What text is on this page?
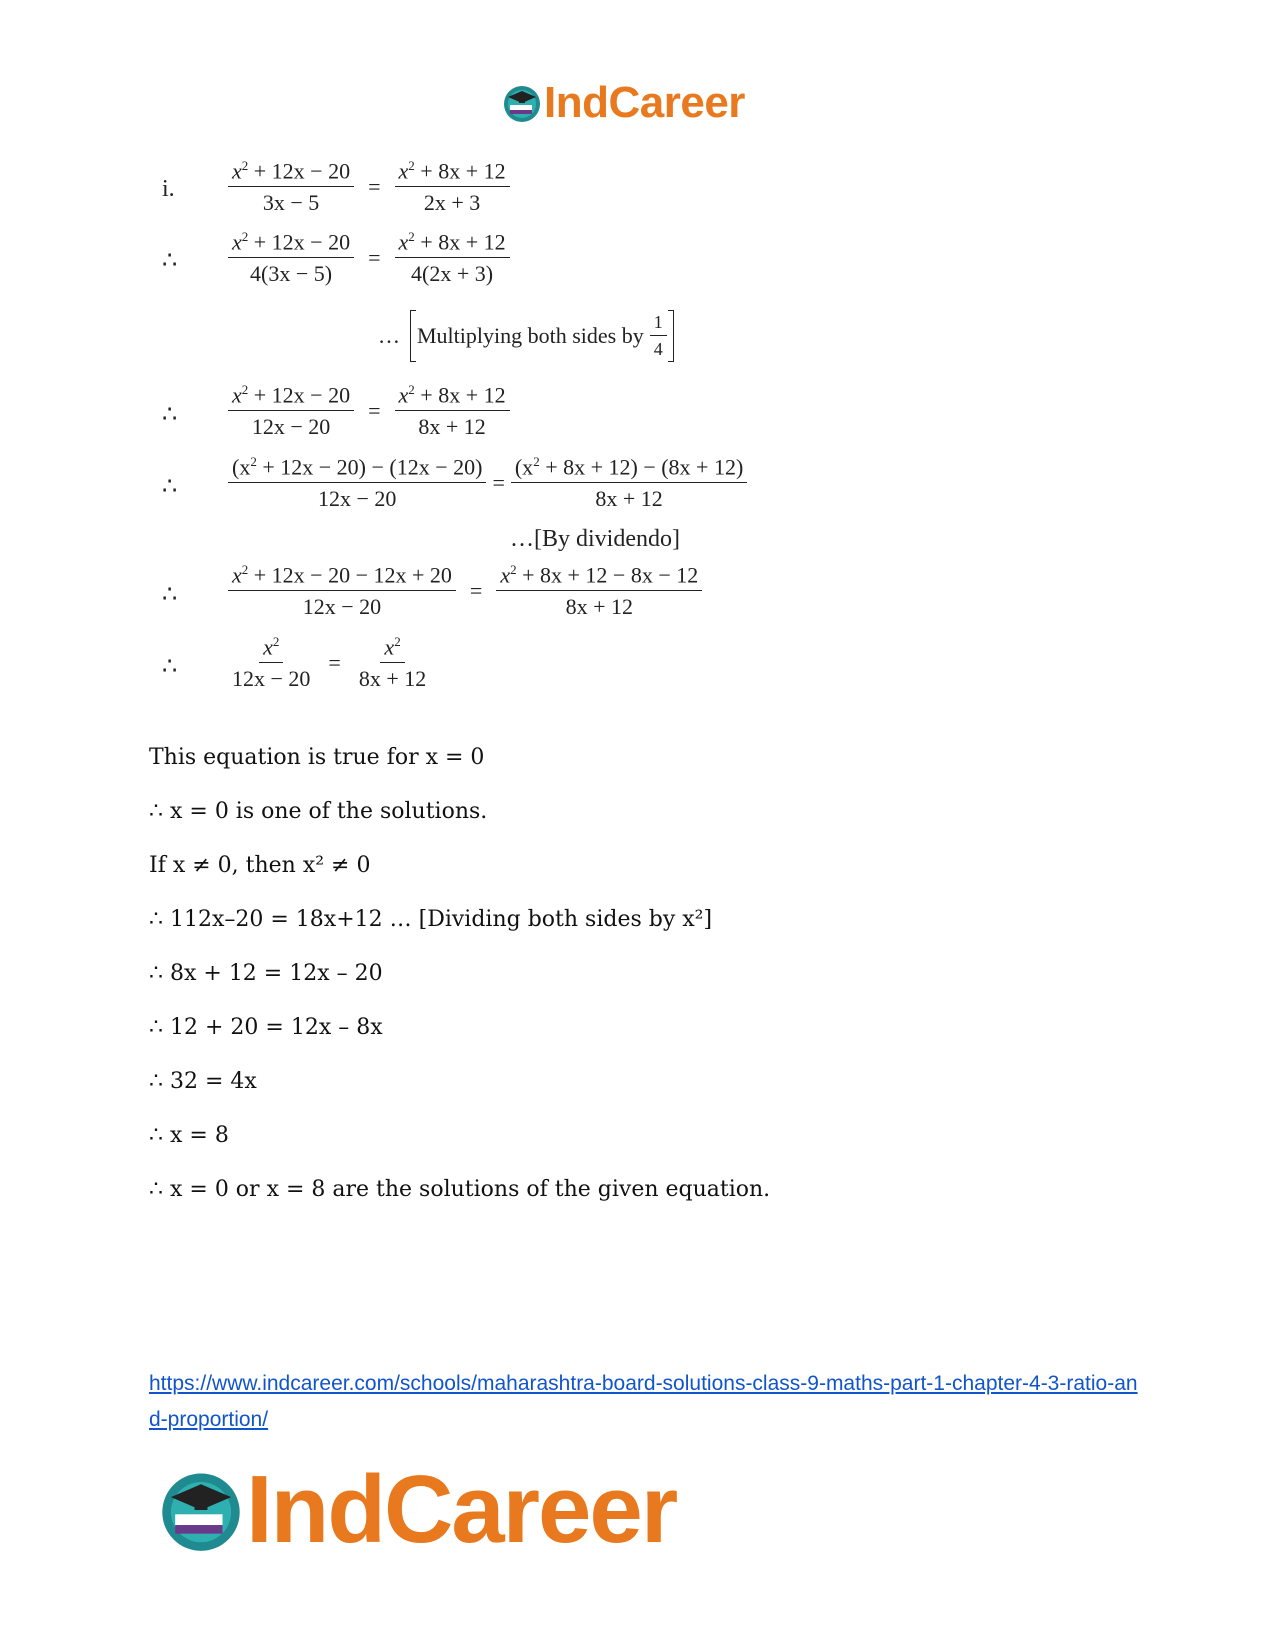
IndCareer
i. $\frac{x^2 + 12x - 20}{3x - 5} = \frac{x^2 + 8x + 12}{2x + 3}$
∴ $\frac{x^2 + 12x - 20}{4(3x - 5)} = \frac{x^2 + 8x + 12}{4(2x + 3)}$
… Multiplying both sides by $\frac{1}{4}$
∴ $\frac{x^2 + 12x - 20}{12x - 20} = \frac{x^2 + 8x + 12}{8x + 12}$
∴ $\frac{(x^2 + 12x - 20) - (12x - 20)}{12x - 20} = \frac{(x^2 + 8x + 12) - (8x + 12)}{8x + 12}$
…[By dividendo]
∴ $\frac{x^2 + 12x - 20 - 12x + 20}{12x - 20} = \frac{x^2 + 8x + 12 - 8x - 12}{8x + 12}$
∴ $\frac{x^2}{12x - 20} = \frac{x^2}{8x + 12}$
This equation is true for x = 0
∴ x = 0 is one of the solutions.
If x ≠ 0, then x² ≠ 0
∴ 112x–20 = 18x+12 … [Dividing both sides by x²]
∴ 8x + 12 = 12x – 20
∴ 12 + 20 = 12x – 8x
∴ 32 = 4x
∴ x = 8
∴ x = 0 or x = 8 are the solutions of the given equation.
https://www.indcareer.com/schools/maharashtra-board-solutions-class-9-maths-part-1-chapter-4-3-ratio-and-proportion/
IndCareer
